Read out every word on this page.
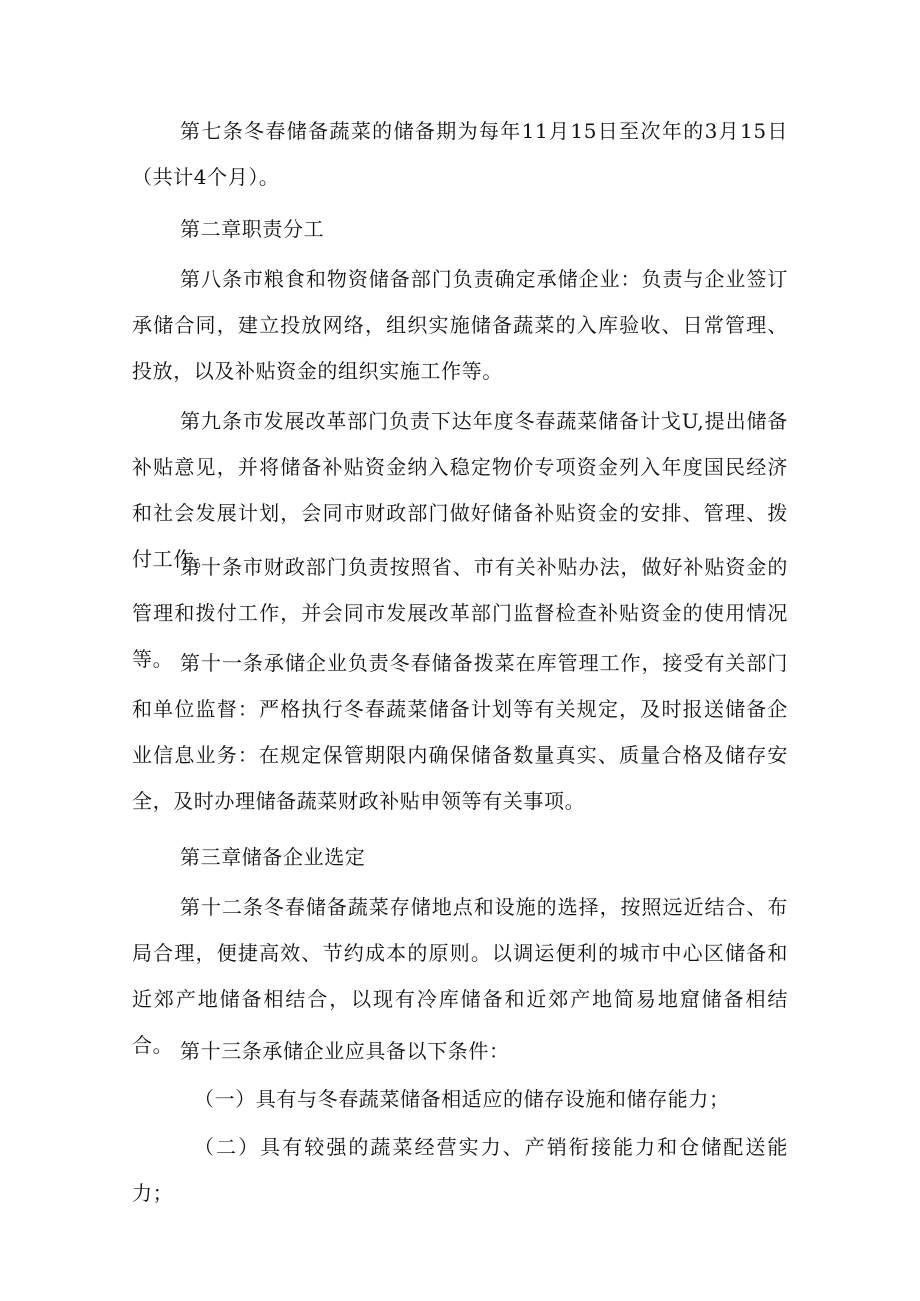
第七条冬春储备蔬菜的储备期为每年11月15日至次年的3月15日（共计4个月）。

第二章职责分工

第八条市粮食和物资储备部门负责确定承储企业：负责与企业签订承储合同，建立投放网络，组织实施储备蔬菜的入库验收、日常管理、投放，以及补贴资金的组织实施工作等。

第九条市发展改革部门负责下达年度冬春蔬菜储备计戈U,提出储备补贴意见，并将储备补贴资金纳入稳定物价专项资金列入年度国民经济和社会发展计划，会同市财政部门做好储备补贴资金的安排、管理、拨付工作。

第十条市财政部门负责按照省、市有关补贴办法，做好补贴资金的管理和拨付工作，并会同市发展改革部门监督检查补贴资金的使用情况等。 第十一条承储企业负责冬春储备拨菜在库管理工作，接受有关部门和单位监督：严格执行冬春蔬菜储备计划等有关规定，及时报送储备企业信息业务：在规定保管期限内确保储备数量真实、质量合格及储存安全，及时办理储备蔬菜财政补贴申领等有关事项。

第三章储备企业选定

第十二条冬春储备蔬菜存储地点和设施的选择，按照远近结合、布局合理，便捷高效、节约成本的原则。以调运便利的城市中心区储备和近郊产地储备相结合，以现有冷库储备和近郊产地简易地窟储备相结合。 第十三条承储企业应具备以下条件：

（一）具有与冬春蔬菜储备相适应的储存设施和储存能力；

（二）具有较强的蔬菜经营实力、产销衔接能力和仓储配送能力；
